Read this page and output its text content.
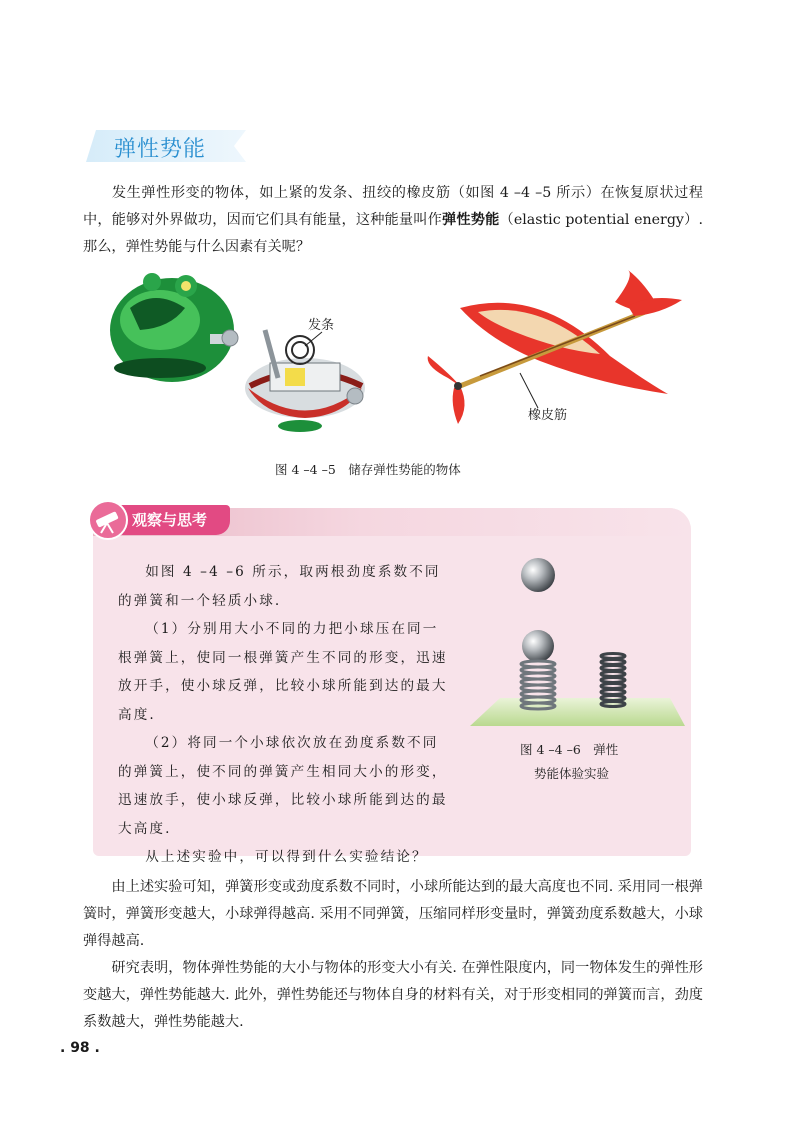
弹性势能

发生弹性形变的物体，如上紧的发条、扭绞的橡皮筋（如图 4 –4 –5 所示）在恢复原状过程中，能够对外界做功，因而它们具有能量，这种能量叫作弹性势能（elastic potential energy）. 那么，弹性势能与什么因素有关呢？

发条
橡皮筋
图 4 –4 –5　储存弹性势能的物体
观察与思考
如图 4 –4 –6 所示，取两根劲度系数不同的弹簧和一个轻质小球.
（1）分别用大小不同的力把小球压在同一根弹簧上，使同一根弹簧产生不同的形变，迅速放开手，使小球反弹，比较小球所能到达的最大高度.
（2）将同一个小球依次放在劲度系数不同的弹簧上，使不同的弹簧产生相同大小的形变，迅速放手，使小球反弹，比较小球所能到达的最大高度.
从上述实验中，可以得到什么实验结论？
图 4 –4 –6　弹性
势能体验实验

由上述实验可知，弹簧形变或劲度系数不同时，小球所能达到的最大高度也不同. 采用同一根弹簧时，弹簧形变越大，小球弹得越高. 采用不同弹簧，压缩同样形变量时，弹簧劲度系数越大，小球弹得越高.

研究表明，物体弹性势能的大小与物体的形变大小有关. 在弹性限度内，同一物体发生的弹性形变越大，弹性势能越大. 此外，弹性势能还与物体自身的材料有关，对于形变相同的弹簧而言，劲度系数越大，弹性势能越大.

. 98 .
